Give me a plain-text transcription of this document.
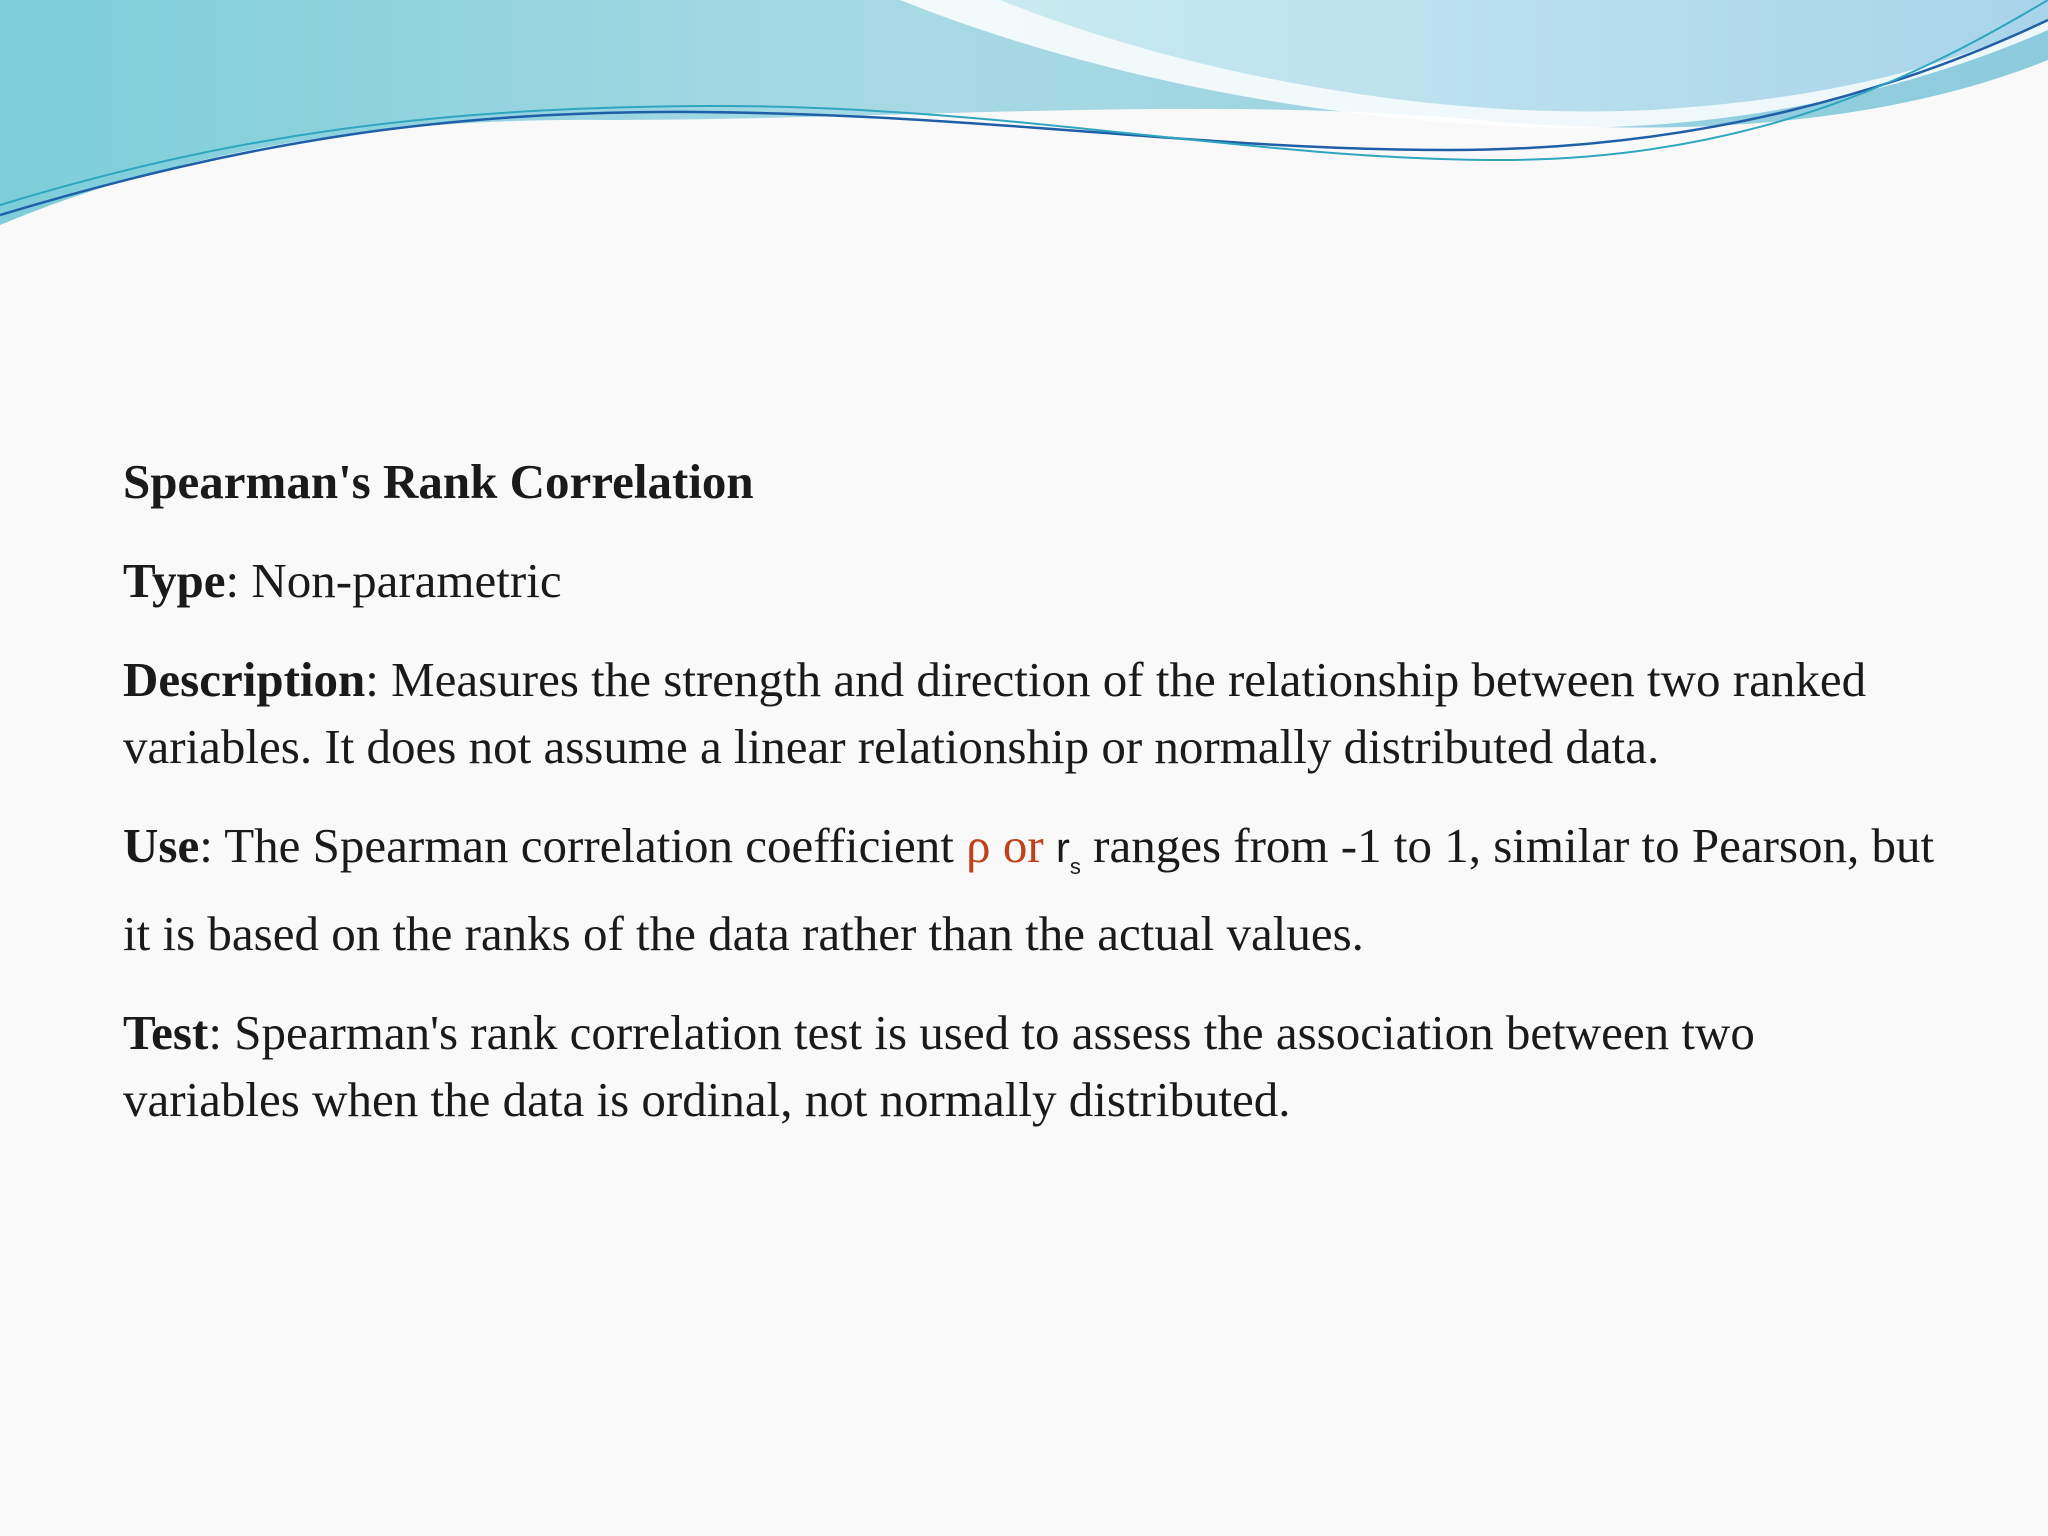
Spearman's Rank Correlation

Type: Non-parametric

Description: Measures the strength and direction of the relationship between two ranked variables. It does not assume a linear relationship or normally distributed data.

Use: The Spearman correlation coefficient ρ or $r_s$ ranges from -1 to 1, similar to Pearson, but it is based on the ranks of the data rather than the actual values.

Test: Spearman's rank correlation test is used to assess the association between two variables when the data is ordinal, not normally distributed.
